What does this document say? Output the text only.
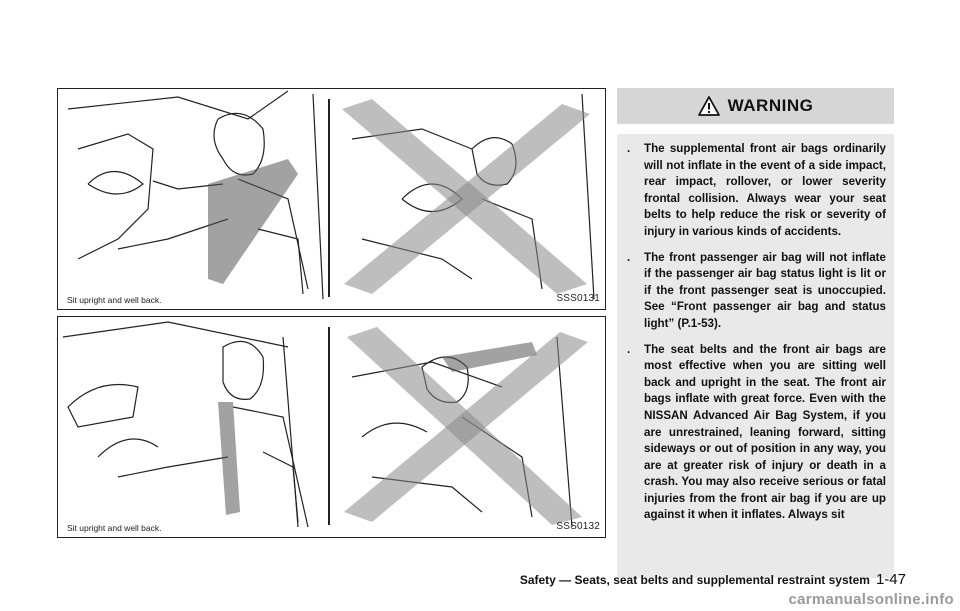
Sit upright and well back.	SSS0131
Sit upright and well back.	SSS0132
WARNING
. The supplemental front air bags ordinarily will not inflate in the event of a side impact, rear impact, rollover, or lower severity frontal collision. Always wear your seat belts to help reduce the risk or severity of injury in various kinds of accidents.
. The front passenger air bag will not inflate if the passenger air bag status light is lit or if the front passenger seat is unoccupied. See “Front passenger air bag and status light” (P.1-53).
. The seat belts and the front air bags are most effective when you are sitting well back and upright in the seat. The front air bags inflate with great force. Even with the NISSAN Advanced Air Bag System, if you are unrestrained, leaning forward, sitting sideways or out of position in any way, you are at greater risk of injury or death in a crash. You may also receive serious or fatal injuries from the front air bag if you are up against it when it inflates. Always sit
Safety — Seats, seat belts and supplemental restraint system 1-47
carmanualsonline.info
